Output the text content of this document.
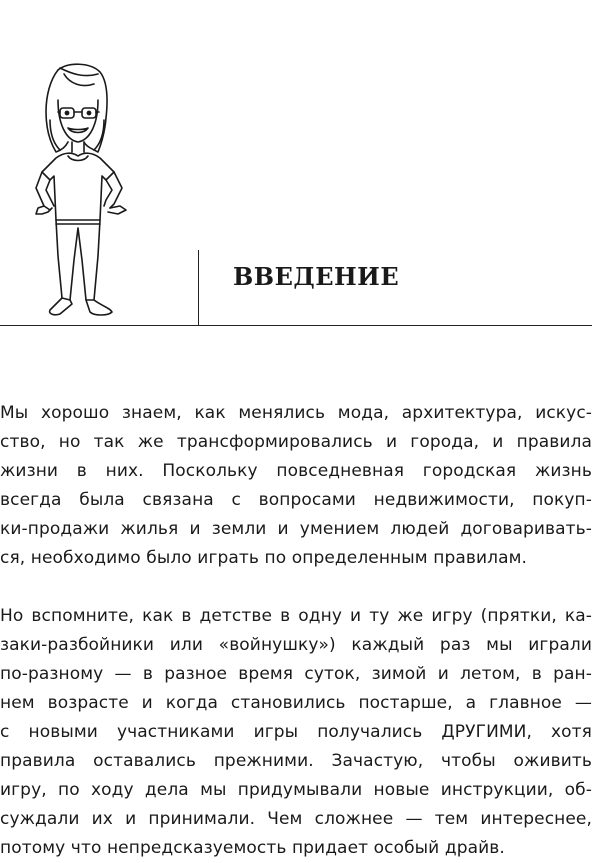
ВВЕДЕНИЕ

Мы хорошо знаем, как менялись мода, архитектура, искус-
ство, но так же трансформировались и города, и правила
жизни в них. Поскольку повседневная городская жизнь
всегда была связана с вопросами недвижимости, покуп-
ки-продажи жилья и земли и умением людей договаривать-
ся, необходимо было играть по определенным правилам.

Но вспомните, как в детстве в одну и ту же игру (прятки, ка-
заки-разбойники или «войнушку») каждый раз мы играли
по-разному — в разное время суток, зимой и летом, в ран-
нем возрасте и когда становились постарше, а главное —
с новыми участниками игры получались ДРУГИМИ, хотя
правила оставались прежними. Зачастую, чтобы оживить
игру, по ходу дела мы придумывали новые инструкции, об-
суждали их и принимали. Чем сложнее — тем интереснее,
потому что непредсказуемость придает особый драйв.
